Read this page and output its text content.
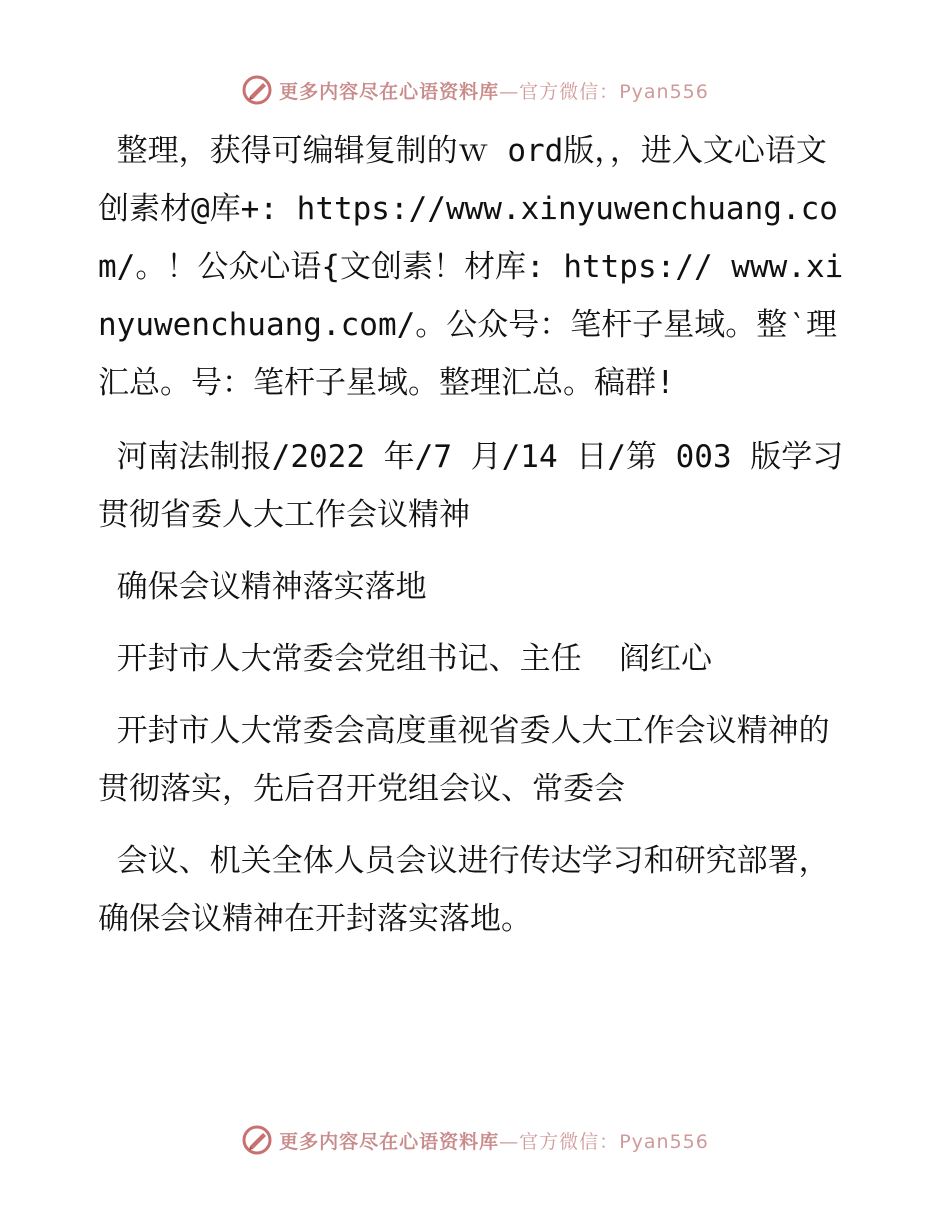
更多内容尽在心语资料库—官方微信：Pyan556

整理，获得可编辑复制的ｗ ord版，，进入文心语文创素材@库+: https://www.xinyuwenchuang.com/。！公众心语{文创素！材库: https:// www.xinyuwenchuang.com/。公众号：笔杆子星域。整‵理汇总。号：笔杆子星域。整理汇总。稿群!

河南法制报/2022 年/7 月/14 日/第 003 版学习贯彻省委人大工作会议精神

确保会议精神落实落地

开封市人大常委会党组书记、主任  阎红心

开封市人大常委会高度重视省委人大工作会议精神的贯彻落实，先后召开党组会议、常委会

会议、机关全体人员会议进行传达学习和研究部署，确保会议精神在开封落实落地。

更多内容尽在心语资料库—官方微信：Pyan556
